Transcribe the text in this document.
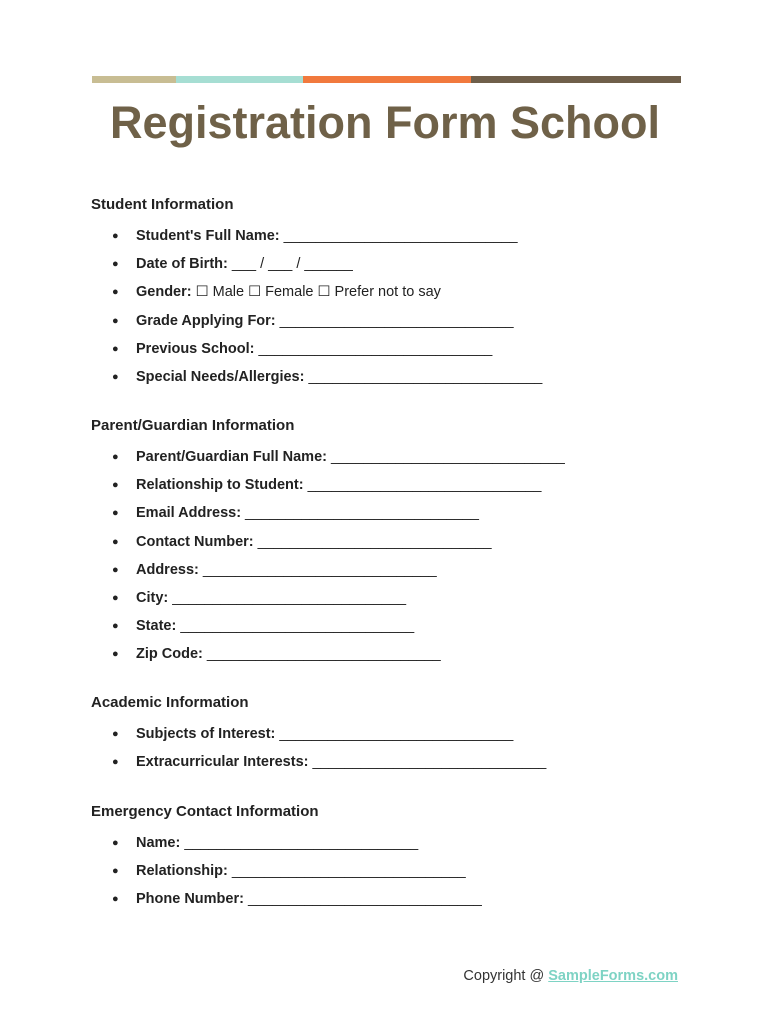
Registration Form School
Student Information
● Student's Full Name: _____________________________
● Date of Birth: ___ / ___ / ______
● Gender: ☐ Male ☐ Female ☐ Prefer not to say
● Grade Applying For: _____________________________
● Previous School: _____________________________
● Special Needs/Allergies: _____________________________
Parent/Guardian Information
● Parent/Guardian Full Name: _____________________________
● Relationship to Student: _____________________________
● Email Address: _____________________________
● Contact Number: _____________________________
● Address: _____________________________
● City: _____________________________
● State: _____________________________
● Zip Code: _____________________________
Academic Information
● Subjects of Interest: _____________________________
● Extracurricular Interests: _____________________________
Emergency Contact Information
● Name: _____________________________
● Relationship: _____________________________
● Phone Number: _____________________________
Copyright @ SampleForms.com
